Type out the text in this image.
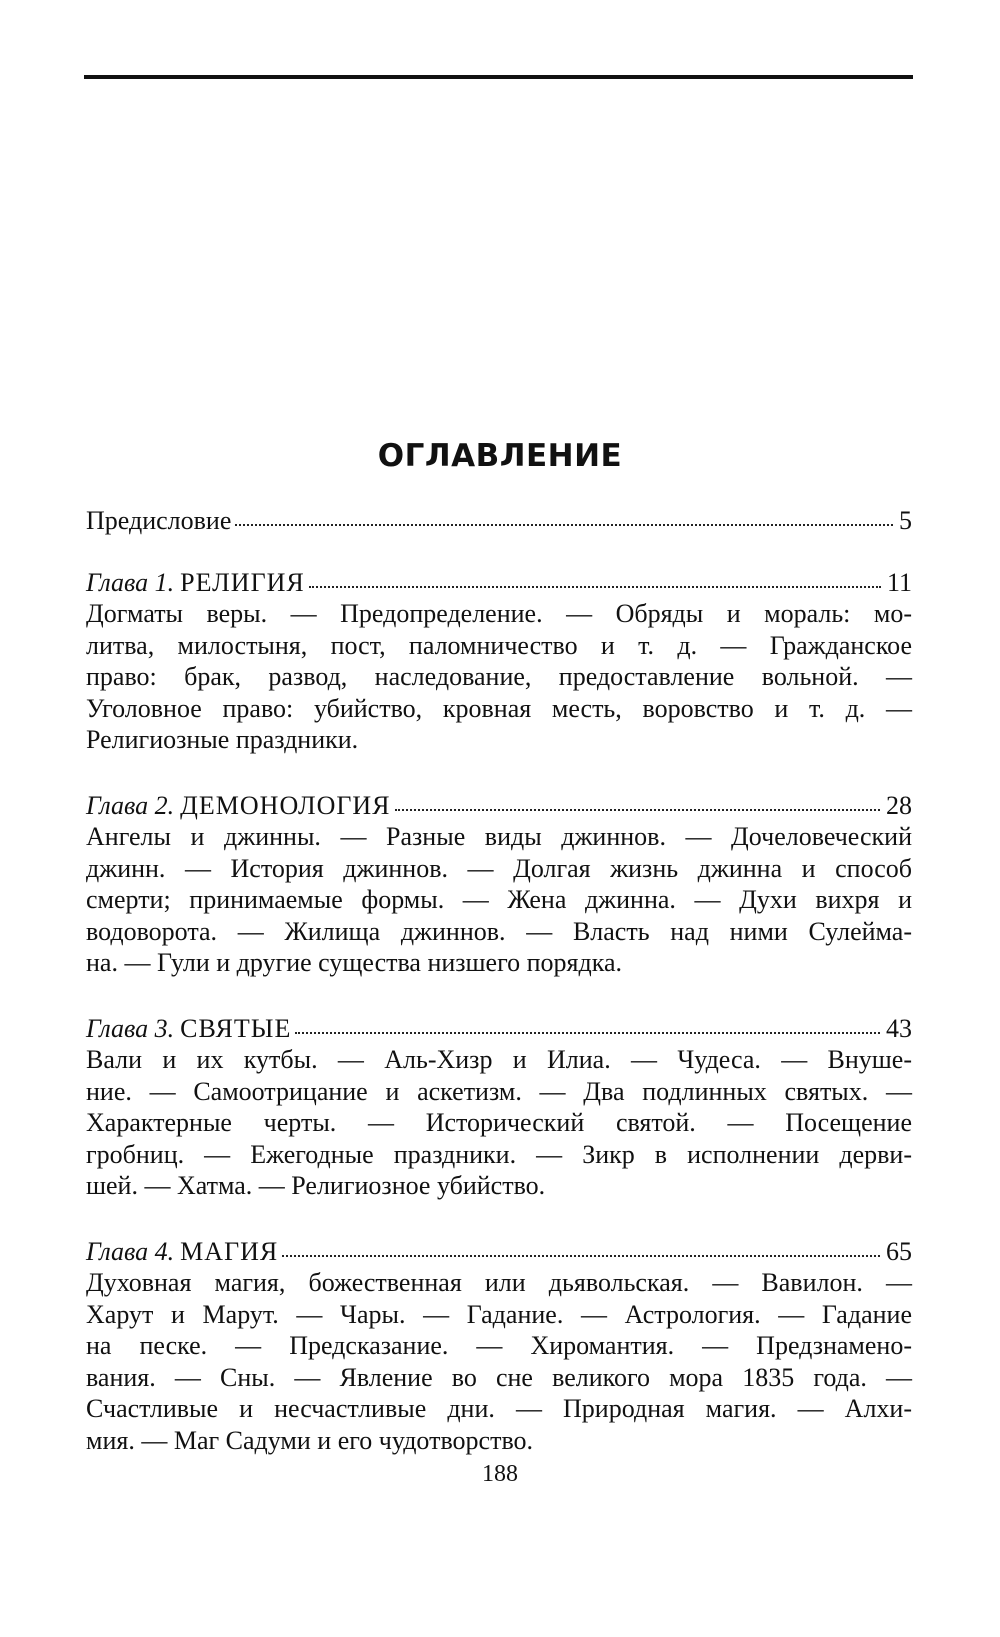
ОГЛАВЛЕНИЕ
Предисловие	5
Глава 1. РЕЛИГИЯ	11
Догматы веры. — Предопределение. — Обряды и мораль: мо-
литва, милостыня, пост, паломничество и т. д. — Гражданское
право: брак, развод, наследование, предоставление вольной. —
Уголовное право: убийство, кровная месть, воровство и т. д. —
Религиозные праздники.
Глава 2. ДЕМОНОЛОГИЯ	28
Ангелы и джинны. — Разные виды джиннов. — Дочеловеческий
джинн. — История джиннов. — Долгая жизнь джинна и способ
смерти; принимаемые формы. — Жена джинна. — Духи вихря и
водоворота. — Жилища джиннов. — Власть над ними Сулейма-
на. — Гули и другие существа низшего порядка.
Глава 3. СВЯТЫЕ	43
Вали и их кутбы. — Аль-Хизр и Илиа. — Чудеса. — Внуше-
ние. — Самоотрицание и аскетизм. — Два подлинных святых. —
Характерные черты. — Исторический святой. — Посещение
гробниц. — Ежегодные праздники. — Зикр в исполнении дерви-
шей. — Хатма. — Религиозное убийство.
Глава 4. МАГИЯ	65
Духовная магия, божественная или дьявольская. — Вавилон. —
Харут и Марут. — Чары. — Гадание. — Астрология. — Гадание
на песке. — Предсказание. — Хиромантия. — Предзнамено-
вания. — Сны. — Явление во сне великого мора 1835 года. —
Счастливые и несчастливые дни. — Природная магия. — Алхи-
мия. — Маг Садуми и его чудотворство.
188
